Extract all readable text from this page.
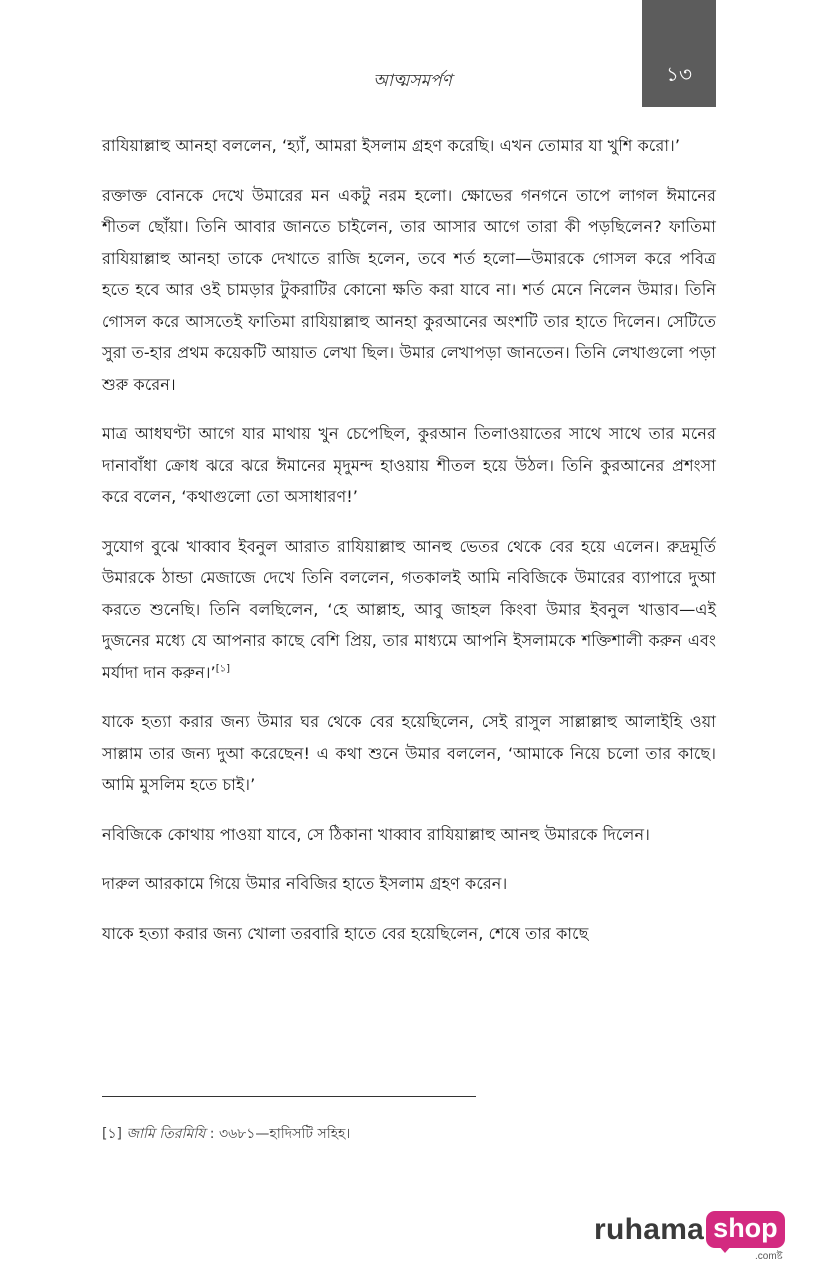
১৩
আত্মসমর্পণ

রাযিয়াল্লাহু আনহা বললেন, ‘হ্যাঁ, আমরা ইসলাম গ্রহণ করেছি। এখন তোমার যা খুশি করো।’

রক্তাক্ত বোনকে দেখে উমারের মন একটু নরম হলো। ক্ষোভের গনগনে তাপে লাগল ঈমানের শীতল ছোঁয়া। তিনি আবার জানতে চাইলেন, তার আসার আগে তারা কী পড়ছিলেন? ফাতিমা রাযিয়াল্লাহু আনহা তাকে দেখাতে রাজি হলেন, তবে শর্ত হলো—উমারকে গোসল করে পবিত্র হতে হবে আর ওই চামড়ার টুকরাটির কোনো ক্ষতি করা যাবে না। শর্ত মেনে নিলেন উমার। তিনি গোসল করে আসতেই ফাতিমা রাযিয়াল্লাহু আনহা কুরআনের অংশটি তার হাতে দিলেন। সেটিতে সুরা ত-হার প্রথম কয়েকটি আয়াত লেখা ছিল। উমার লেখাপড়া জানতেন। তিনি লেখাগুলো পড়া শুরু করেন।

মাত্র আধঘণ্টা আগে যার মাথায় খুন চেপেছিল, কুরআন তিলাওয়াতের সাথে সাথে তার মনের দানাবাঁধা ক্রোধ ঝরে ঝরে ঈমানের মৃদুমন্দ হাওয়ায় শীতল হয়ে উঠল। তিনি কুরআনের প্রশংসা করে বলেন, ‘কথাগুলো তো অসাধারণ!’

সুযোগ বুঝে খাব্বাব ইবনুল আরাত রাযিয়াল্লাহু আনহু ভেতর থেকে বের হয়ে এলেন। রুদ্রমূর্তি উমারকে ঠান্ডা মেজাজে দেখে তিনি বললেন, গতকালই আমি নবিজিকে উমারের ব্যাপারে দুআ করতে শুনেছি। তিনি বলছিলেন, ‘হে আল্লাহ, আবু জাহল কিংবা উমার ইবনুল খাত্তাব—এই দুজনের মধ্যে যে আপনার কাছে বেশি প্রিয়, তার মাধ্যমে আপনি ইসলামকে শক্তিশালী করুন এবং মর্যাদা দান করুন।’[১]

যাকে হত্যা করার জন্য উমার ঘর থেকে বের হয়েছিলেন, সেই রাসুল সাল্লাল্লাহু আলাইহি ওয়া সাল্লাম তার জন্য দুআ করেছেন! এ কথা শুনে উমার বললেন, ‘আমাকে নিয়ে চলো তার কাছে। আমি মুসলিম হতে চাই।’

নবিজিকে কোথায় পাওয়া যাবে, সে ঠিকানা খাব্বাব রাযিয়াল্লাহু আনহু উমারকে দিলেন।

দারুল আরকামে গিয়ে উমার নবিজির হাতে ইসলাম গ্রহণ করেন।

যাকে হত্যা করার জন্য খোলা তরবারি হাতে বের হয়েছিলেন, শেষে তার কাছে

[১] জামি তিরমিযি : ৩৬৮১—হাদিসটি সহিহ।
ruhama shop
.comষ্ট
